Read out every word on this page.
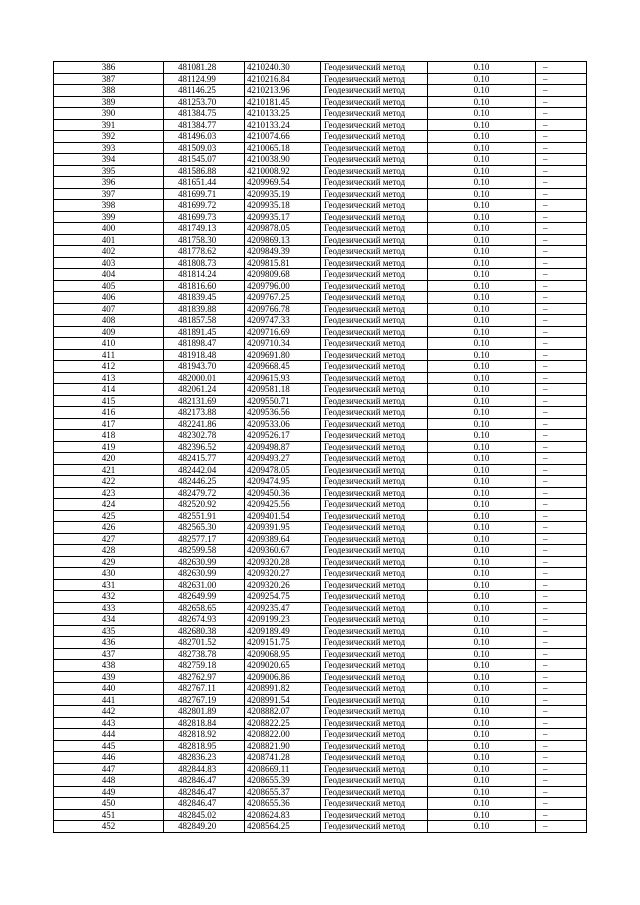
386	481081.28	4210240.30	Геодезический метод	0.10	–
387	481124.99	4210216.84	Геодезический метод	0.10	–
388	481146.25	4210213.96	Геодезический метод	0.10	–
389	481253.70	4210181.45	Геодезический метод	0.10	–
390	481384.75	4210133.25	Геодезический метод	0.10	–
391	481384.77	4210133.24	Геодезический метод	0.10	–
392	481496.03	4210074.66	Геодезический метод	0.10	–
393	481509.03	4210065.18	Геодезический метод	0.10	–
394	481545.07	4210038.90	Геодезический метод	0.10	–
395	481586.88	4210008.92	Геодезический метод	0.10	–
396	481651.44	4209969.54	Геодезический метод	0.10	–
397	481699.71	4209935.19	Геодезический метод	0.10	–
398	481699.72	4209935.18	Геодезический метод	0.10	–
399	481699.73	4209935.17	Геодезический метод	0.10	–
400	481749.13	4209878.05	Геодезический метод	0.10	–
401	481758.30	4209869.13	Геодезический метод	0.10	–
402	481778.62	4209849.39	Геодезический метод	0.10	–
403	481808.73	4209815.81	Геодезический метод	0.10	–
404	481814.24	4209809.68	Геодезический метод	0.10	–
405	481816.60	4209796.00	Геодезический метод	0.10	–
406	481839.45	4209767.25	Геодезический метод	0.10	–
407	481839.88	4209766.78	Геодезический метод	0.10	–
408	481857.58	4209747.33	Геодезический метод	0.10	–
409	481891.45	4209716.69	Геодезический метод	0.10	–
410	481898.47	4209710.34	Геодезический метод	0.10	–
411	481918.48	4209691.80	Геодезический метод	0.10	–
412	481943.70	4209668.45	Геодезический метод	0.10	–
413	482000.01	4209615.93	Геодезический метод	0.10	–
414	482061.24	4209581.18	Геодезический метод	0.10	–
415	482131.69	4209550.71	Геодезический метод	0.10	–
416	482173.88	4209536.56	Геодезический метод	0.10	–
417	482241.86	4209533.06	Геодезический метод	0.10	–
418	482302.78	4209526.17	Геодезический метод	0.10	–
419	482396.52	4209498.87	Геодезический метод	0.10	–
420	482415.77	4209493.27	Геодезический метод	0.10	–
421	482442.04	4209478.05	Геодезический метод	0.10	–
422	482446.25	4209474.95	Геодезический метод	0.10	–
423	482479.72	4209450.36	Геодезический метод	0.10	–
424	482520.92	4209425.56	Геодезический метод	0.10	–
425	482551.91	4209401.54	Геодезический метод	0.10	–
426	482565.30	4209391.95	Геодезический метод	0.10	–
427	482577.17	4209389.64	Геодезический метод	0.10	–
428	482599.58	4209360.67	Геодезический метод	0.10	–
429	482630.99	4209320.28	Геодезический метод	0.10	–
430	482630.99	4209320.27	Геодезический метод	0.10	–
431	482631.00	4209320.26	Геодезический метод	0.10	–
432	482649.99	4209254.75	Геодезический метод	0.10	–
433	482658.65	4209235.47	Геодезический метод	0.10	–
434	482674.93	4209199.23	Геодезический метод	0.10	–
435	482680.38	4209189.49	Геодезический метод	0.10	–
436	482701.52	4209151.75	Геодезический метод	0.10	–
437	482738.78	4209068.95	Геодезический метод	0.10	–
438	482759.18	4209020.65	Геодезический метод	0.10	–
439	482762.97	4209006.86	Геодезический метод	0.10	–
440	482767.11	4208991.82	Геодезический метод	0.10	–
441	482767.19	4208991.54	Геодезический метод	0.10	–
442	482801.89	4208882.07	Геодезический метод	0.10	–
443	482818.84	4208822.25	Геодезический метод	0.10	–
444	482818.92	4208822.00	Геодезический метод	0.10	–
445	482818.95	4208821.90	Геодезический метод	0.10	–
446	482836.23	4208741.28	Геодезический метод	0.10	–
447	482844.83	4208669.11	Геодезический метод	0.10	–
448	482846.47	4208655.39	Геодезический метод	0.10	–
449	482846.47	4208655.37	Геодезический метод	0.10	–
450	482846.47	4208655.36	Геодезический метод	0.10	–
451	482845.02	4208624.83	Геодезический метод	0.10	–
452	482849.20	4208564.25	Геодезический метод	0.10	–
